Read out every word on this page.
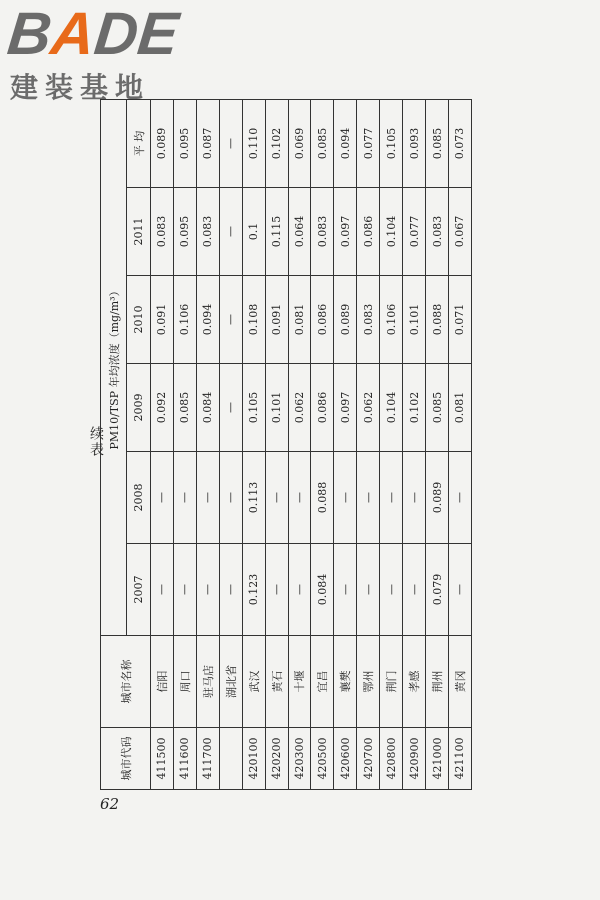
BADE
建装基地
续表
城市代码	城市名称	PM10/TSP 年均浓度（mg/m³）					
		2007	2008	2009	2010	2011	平 均
411500	信阳	—	—	0.092	0.091	0.083	0.089
411600	周口	—	—	0.085	0.106	0.095	0.095
411700	驻马店	—	—	0.084	0.094	0.083	0.087
	湖北省	—	—	—	—	—	—
420100	武汉	0.123	0.113	0.105	0.108	0.1	0.110
420200	黄石	—	—	0.101	0.091	0.115	0.102
420300	十堰	—	—	0.062	0.081	0.064	0.069
420500	宜昌	0.084	0.088	0.086	0.086	0.083	0.085
420600	襄樊	—	—	0.097	0.089	0.097	0.094
420700	鄂州	—	—	0.062	0.083	0.086	0.077
420800	荆门	—	—	0.104	0.106	0.104	0.105
420900	孝感	—	—	0.102	0.101	0.077	0.093
421000	荆州	0.079	0.089	0.085	0.088	0.083	0.085
421100	黄冈	—	—	0.081	0.071	0.067	0.073
62
